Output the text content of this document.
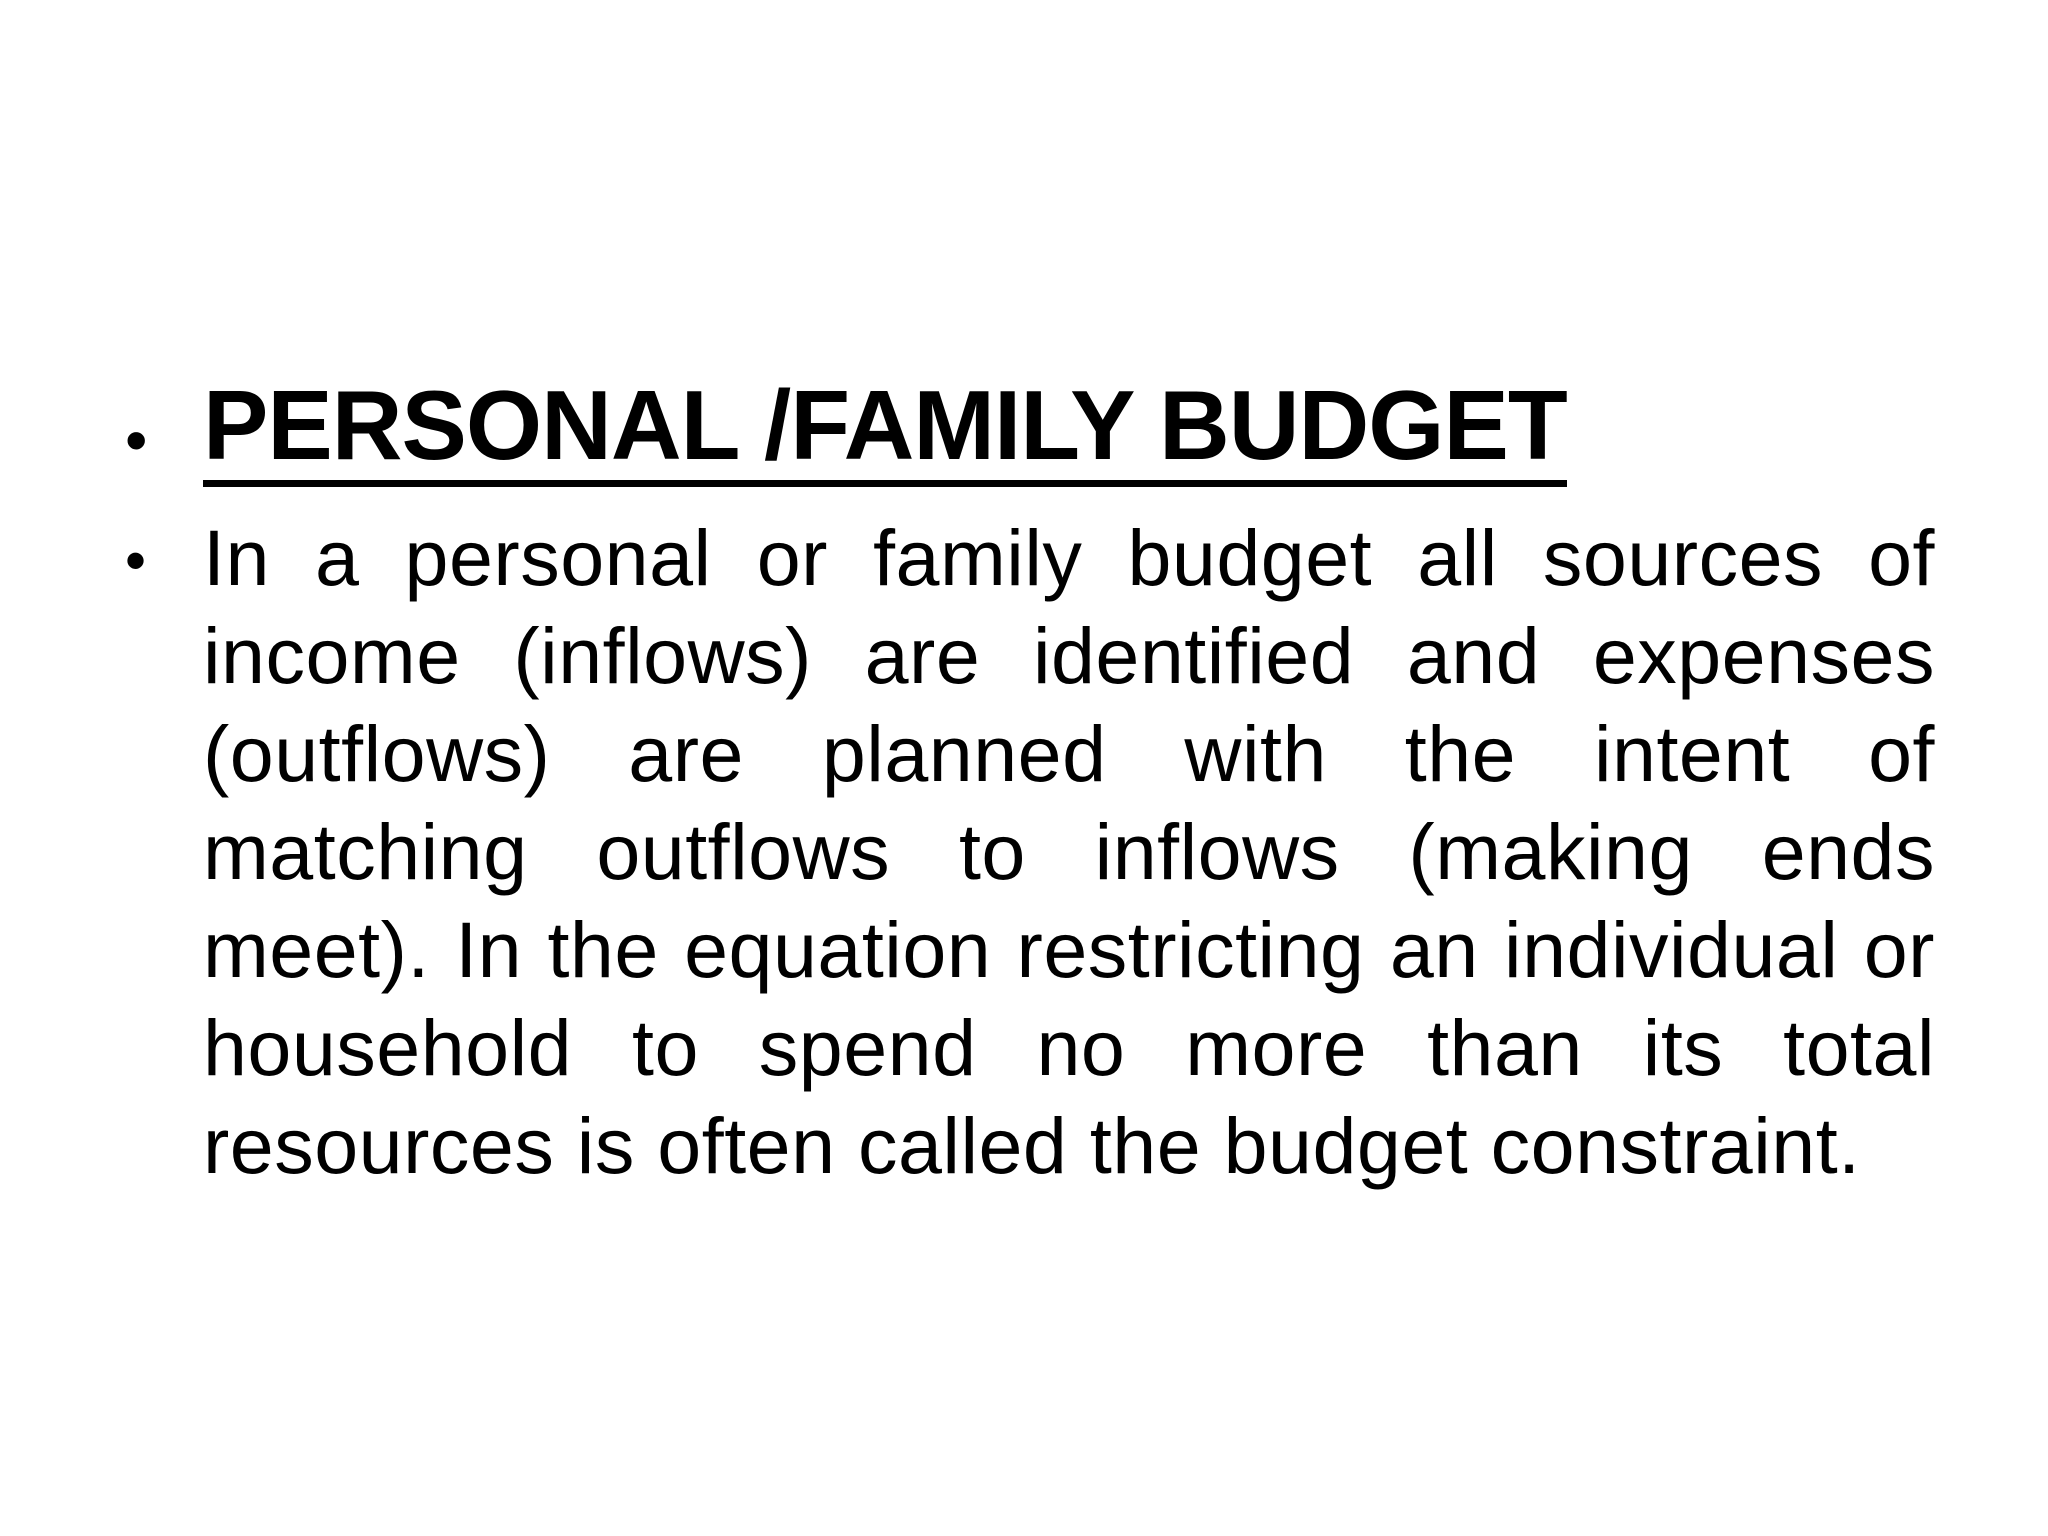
• PERSONAL /FAMILY BUDGET
• In a personal or family budget all sources of income (inflows) are identified and expenses (outflows) are planned with the intent of matching outflows to inflows (making ends meet). In the equation restricting an individual or household to spend no more than its total resources is often called the budget constraint.
